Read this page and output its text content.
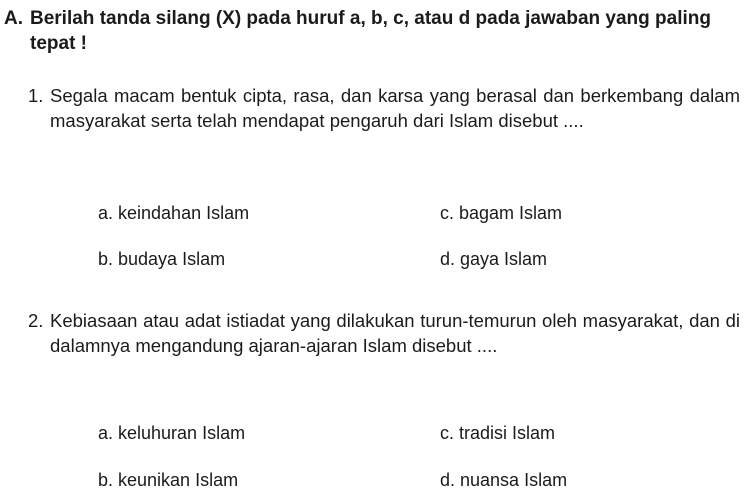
A. Berilah tanda silang (X) pada huruf a, b, c, atau d pada jawaban yang paling tepat !
1. Segala macam bentuk cipta, rasa, dan karsa yang berasal dan berkembang dalam masyarakat serta telah mendapat pengaruh dari Islam disebut ....
a. keindahan Islam	c. bagam Islam
b. budaya Islam	d. gaya Islam
2. Kebiasaan atau adat istiadat yang dilakukan turun-temurun oleh masyarakat, dan di dalamnya mengandung ajaran-ajaran Islam disebut ....
a. keluhuran Islam	c. tradisi Islam
b. keunikan Islam	d. nuansa Islam
